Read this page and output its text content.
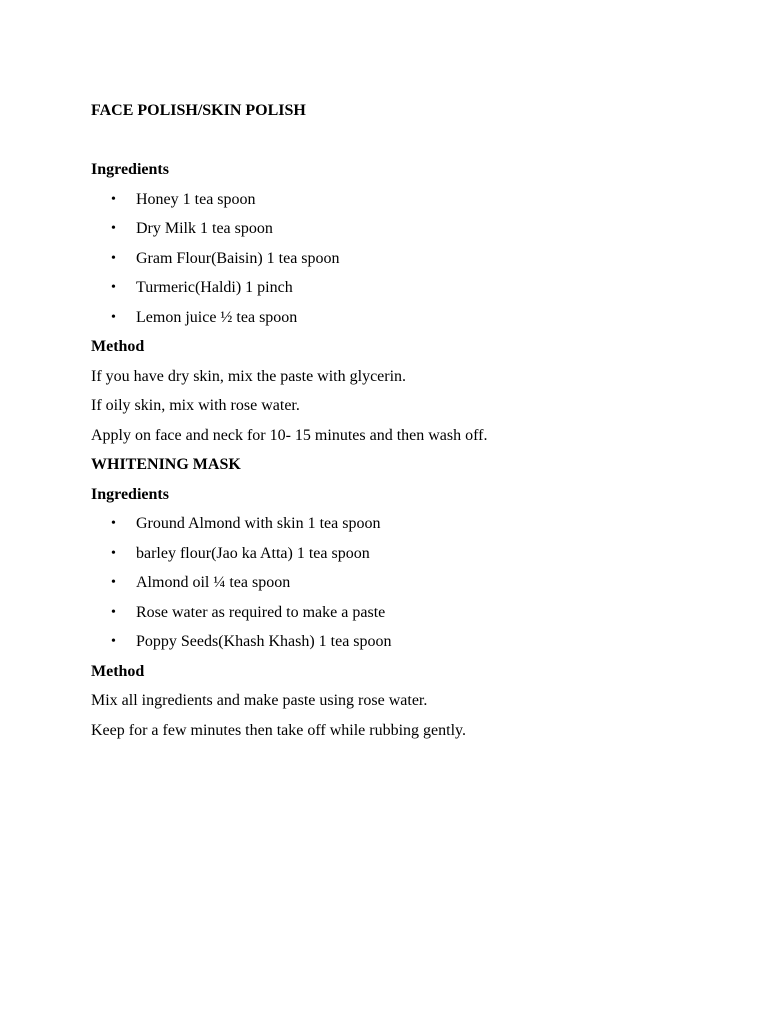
FACE POLISH/SKIN POLISH
Ingredients
• Honey 1 tea spoon
• Dry Milk 1 tea spoon
• Gram Flour(Baisin) 1 tea spoon
• Turmeric(Haldi) 1 pinch
• Lemon juice ½ tea spoon
Method

If you have dry skin, mix the paste with glycerin.

If oily skin, mix with rose water.

Apply on face and neck for 10- 15 minutes and then wash off.

WHITENING MASK
Ingredients
• Ground Almond with skin 1 tea spoon
• barley flour(Jao ka Atta) 1 tea spoon
• Almond oil ¼ tea spoon
• Rose water as required to make a paste
• Poppy Seeds(Khash Khash) 1 tea spoon
Method

Mix all ingredients and make paste using rose water.

Keep for a few minutes then take off while rubbing gently.
